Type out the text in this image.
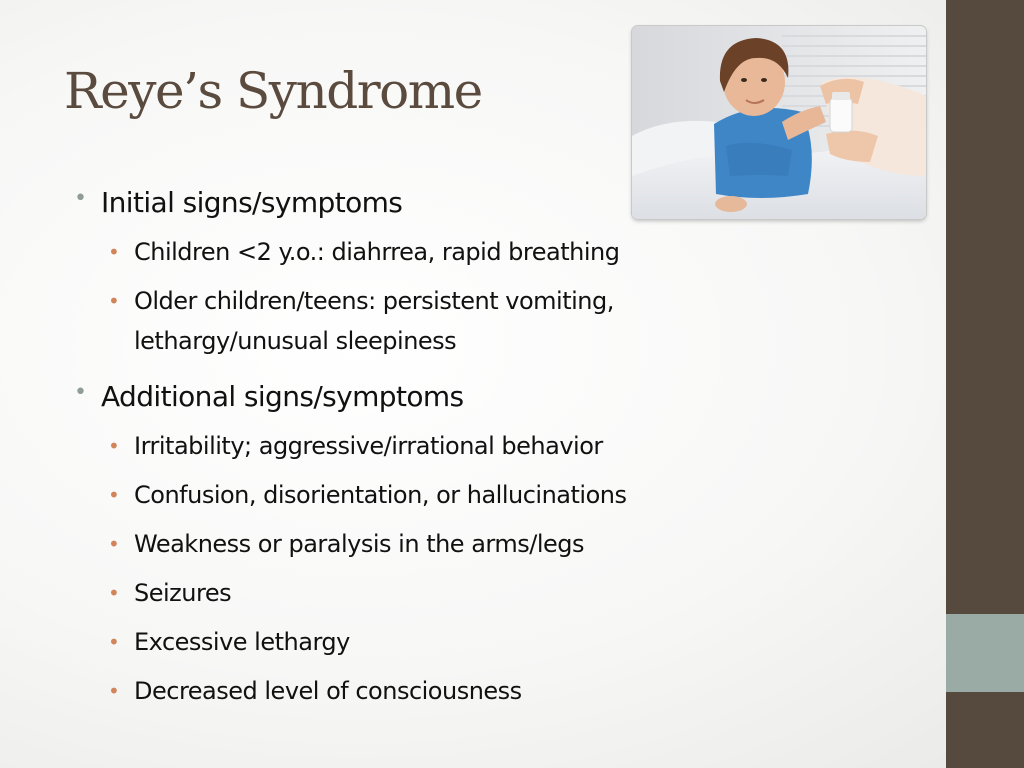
Reye’s Syndrome
• Initial signs/symptoms
• Children <2 y.o.: diahrrea, rapid breathing
• Older children/teens: persistent vomiting,
lethargy/unusual sleepiness
• Additional signs/symptoms
• Irritability; aggressive/irrational behavior
• Confusion, disorientation, or hallucinations
• Weakness or paralysis in the arms/legs
• Seizures
• Excessive lethargy
• Decreased level of consciousness
